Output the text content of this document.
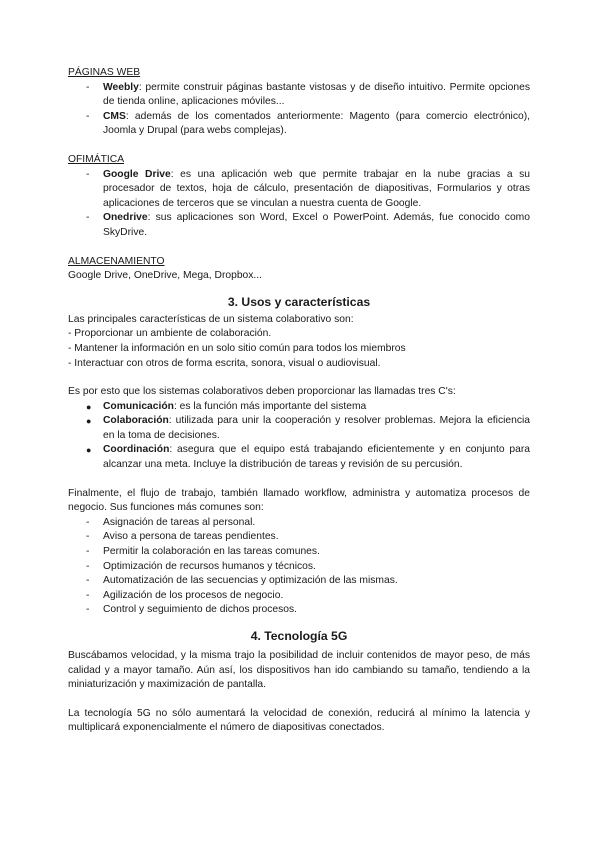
PÁGINAS WEB

- Weebly: permite construir páginas bastante vistosas y de diseño intuitivo. Permite opciones de tienda online, aplicaciones móviles...
- CMS: además de los comentados anteriormente: Magento (para comercio electrónico), Joomla y Drupal (para webs complejas).

OFIMÁTICA

- Google Drive: es una aplicación web que permite trabajar en la nube gracias a su procesador de textos, hoja de cálculo, presentación de diapositivas, Formularios y otras aplicaciones de terceros que se vinculan a nuestra cuenta de Google.
- Onedrive: sus aplicaciones son Word, Excel o PowerPoint. Además, fue conocido como SkyDrive.

ALMACENAMIENTO

Google Drive, OneDrive, Mega, Dropbox...

3. Usos y características

Las principales características de un sistema colaborativo son:

- Proporcionar un ambiente de colaboración.

- Mantener la información en un solo sitio común para todos los miembros

- Interactuar con otros de forma escrita, sonora, visual o audiovisual.

Es por esto que los sistemas colaborativos deben proporcionar las llamadas tres C's:

● Comunicación: es la función más importante del sistema
● Colaboración: utilizada para unir la cooperación y resolver problemas. Mejora la eficiencia en la toma de decisiones.
● Coordinación: asegura que el equipo está trabajando eficientemente y en conjunto para alcanzar una meta. Incluye la distribución de tareas y revisión de su percusión.

Finalmente, el flujo de trabajo, también llamado workflow, administra y automatiza procesos de negocio. Sus funciones más comunes son:

- Asignación de tareas al personal.
- Aviso a persona de tareas pendientes.
- Permitir la colaboración en las tareas comunes.
- Optimización de recursos humanos y técnicos.
- Automatización de las secuencias y optimización de las mismas.
- Agilización de los procesos de negocio.
- Control y seguimiento de dichos procesos.

4. Tecnología 5G

Buscábamos velocidad, y la misma trajo la posibilidad de incluir contenidos de mayor peso, de más calidad y a mayor tamaño. Aún así, los dispositivos han ido cambiando su tamaño, tendiendo a la miniaturización y maximización de pantalla.

La tecnología 5G no sólo aumentará la velocidad de conexión, reducirá al mínimo la latencia y multiplicará exponencialmente el número de diapositivas conectados.
